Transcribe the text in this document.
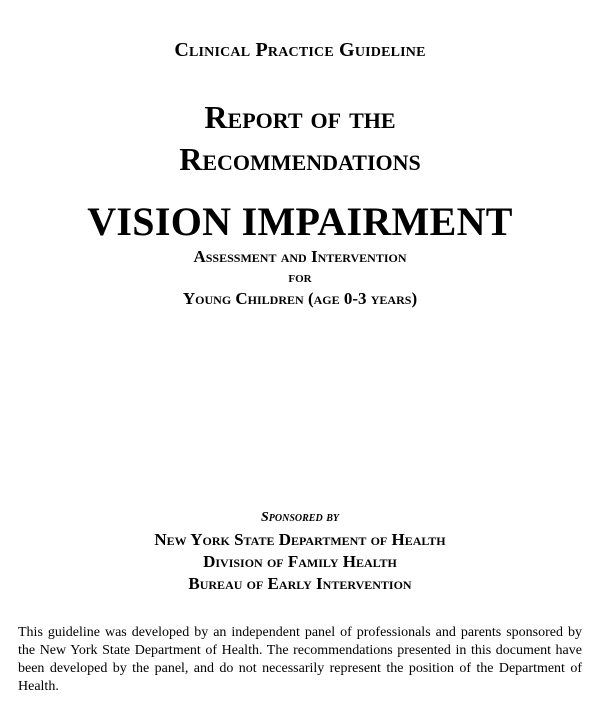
Clinical Practice Guideline
Report of the
Recommendations
VISION IMPAIRMENT
Assessment and Intervention
for
Young Children (age 0-3 years)
Sponsored by
New York State Department of Health
Division of Family Health
Bureau of Early Intervention

This guideline was developed by an independent panel of professionals and parents sponsored by the New York State Department of Health. The recommendations presented in this document have been developed by the panel, and do not necessarily represent the position of the Department of Health.
